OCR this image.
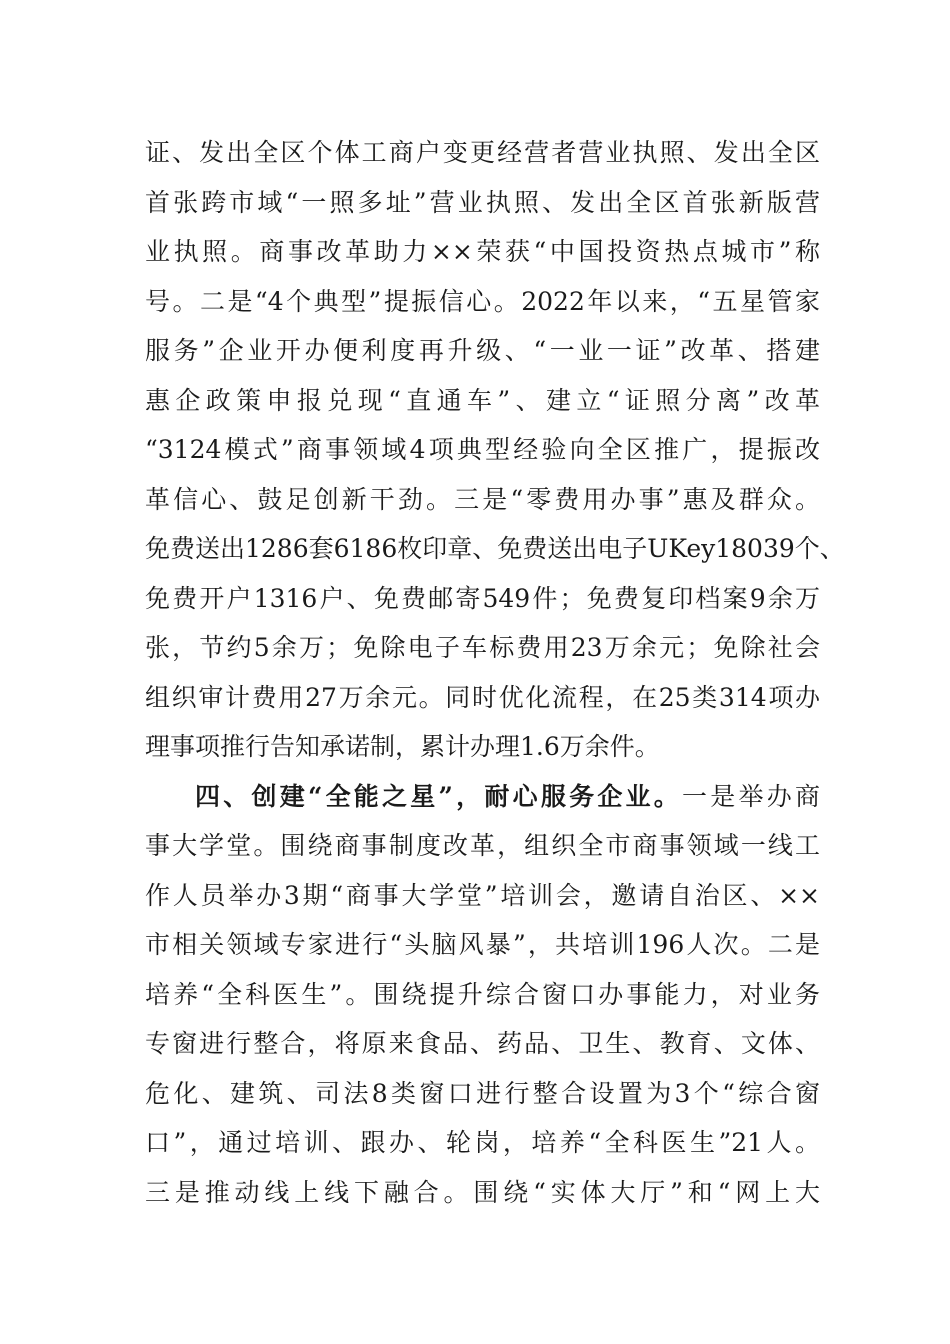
证、发出全区个体工商户变更经营者营业执照、发出全区
首张跨市域“一照多址”营业执照、发出全区首张新版营
业执照。商事改革助力××荣获“中国投资热点城市”称
号。二是“4个典型”提振信心。2022年以来，“五星管家
服务”企业开办便利度再升级、“一业一证”改革、搭建
惠企政策申报兑现“直通车”、建立“证照分离”改革
“3124模式”商事领域4项典型经验向全区推广，提振改
革信心、鼓足创新干劲。三是“零费用办事”惠及群众。
免费送出1286套6186枚印章、免费送出电子UKey18039个、
免费开户1316户、免费邮寄549件；免费复印档案9余万
张，节约5余万；免除电子车标费用23万余元；免除社会
组织审计费用27万余元。同时优化流程，在25类314项办
理事项推行告知承诺制，累计办理1.6万余件。
四、创建“全能之星”，耐心服务企业。一是举办商
事大学堂。围绕商事制度改革，组织全市商事领域一线工
作人员举办3期“商事大学堂”培训会，邀请自治区、××
市相关领域专家进行“头脑风暴”，共培训196人次。二是
培养“全科医生”。围绕提升综合窗口办事能力，对业务
专窗进行整合，将原来食品、药品、卫生、教育、文体、
危化、建筑、司法8类窗口进行整合设置为3个“综合窗
口”，通过培训、跟办、轮岗，培养“全科医生”21人。
三是推动线上线下融合。围绕“实体大厅”和“网上大
